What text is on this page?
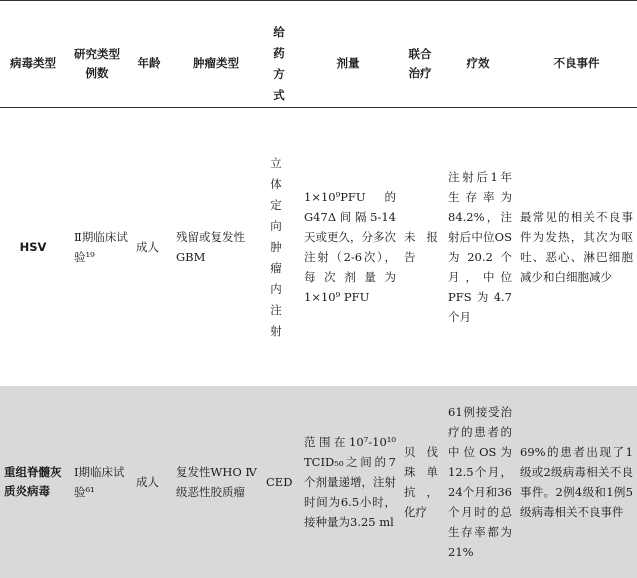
病毒类型
研究类型
例数
年龄	肿瘤类型
给
药
方
式
剂量
联合
治疗
疗效	不良事件
HSV
Ⅱ期临床试验¹⁹
成人
残留或复发性GBM
立
体
定
向
肿
瘤
内
注
射
1×10⁹PFU的G47Δ间隔5-14天或更久，分多次注射（2-6次），每次剂量为1×10⁹ PFU
未报告
注射后1年生存率为84.2%，注射后中位OS为20.2个月，中位PFS为4.7个月
最常见的相关不良事件为发热，其次为呕吐、恶心、淋巴细胞减少和白细胞减少
重组脊髓灰质炎病毒
Ⅰ期临床试验⁶¹
成人
复发性WHO Ⅳ级恶性胶质瘤
CED
范围在10⁷-10¹⁰ TCID₅₀之间的7个剂量递增，注射时间为6.5小时，接种量为3.25 ml
贝伐珠单抗，化疗
61例接受治疗的患者的中位OS为12.5个月，24个月和36个月时的总生存率都为21%
69%的患者出现了1级或2级病毒相关不良事件。2例4级和1例5级病毒相关不良事件
